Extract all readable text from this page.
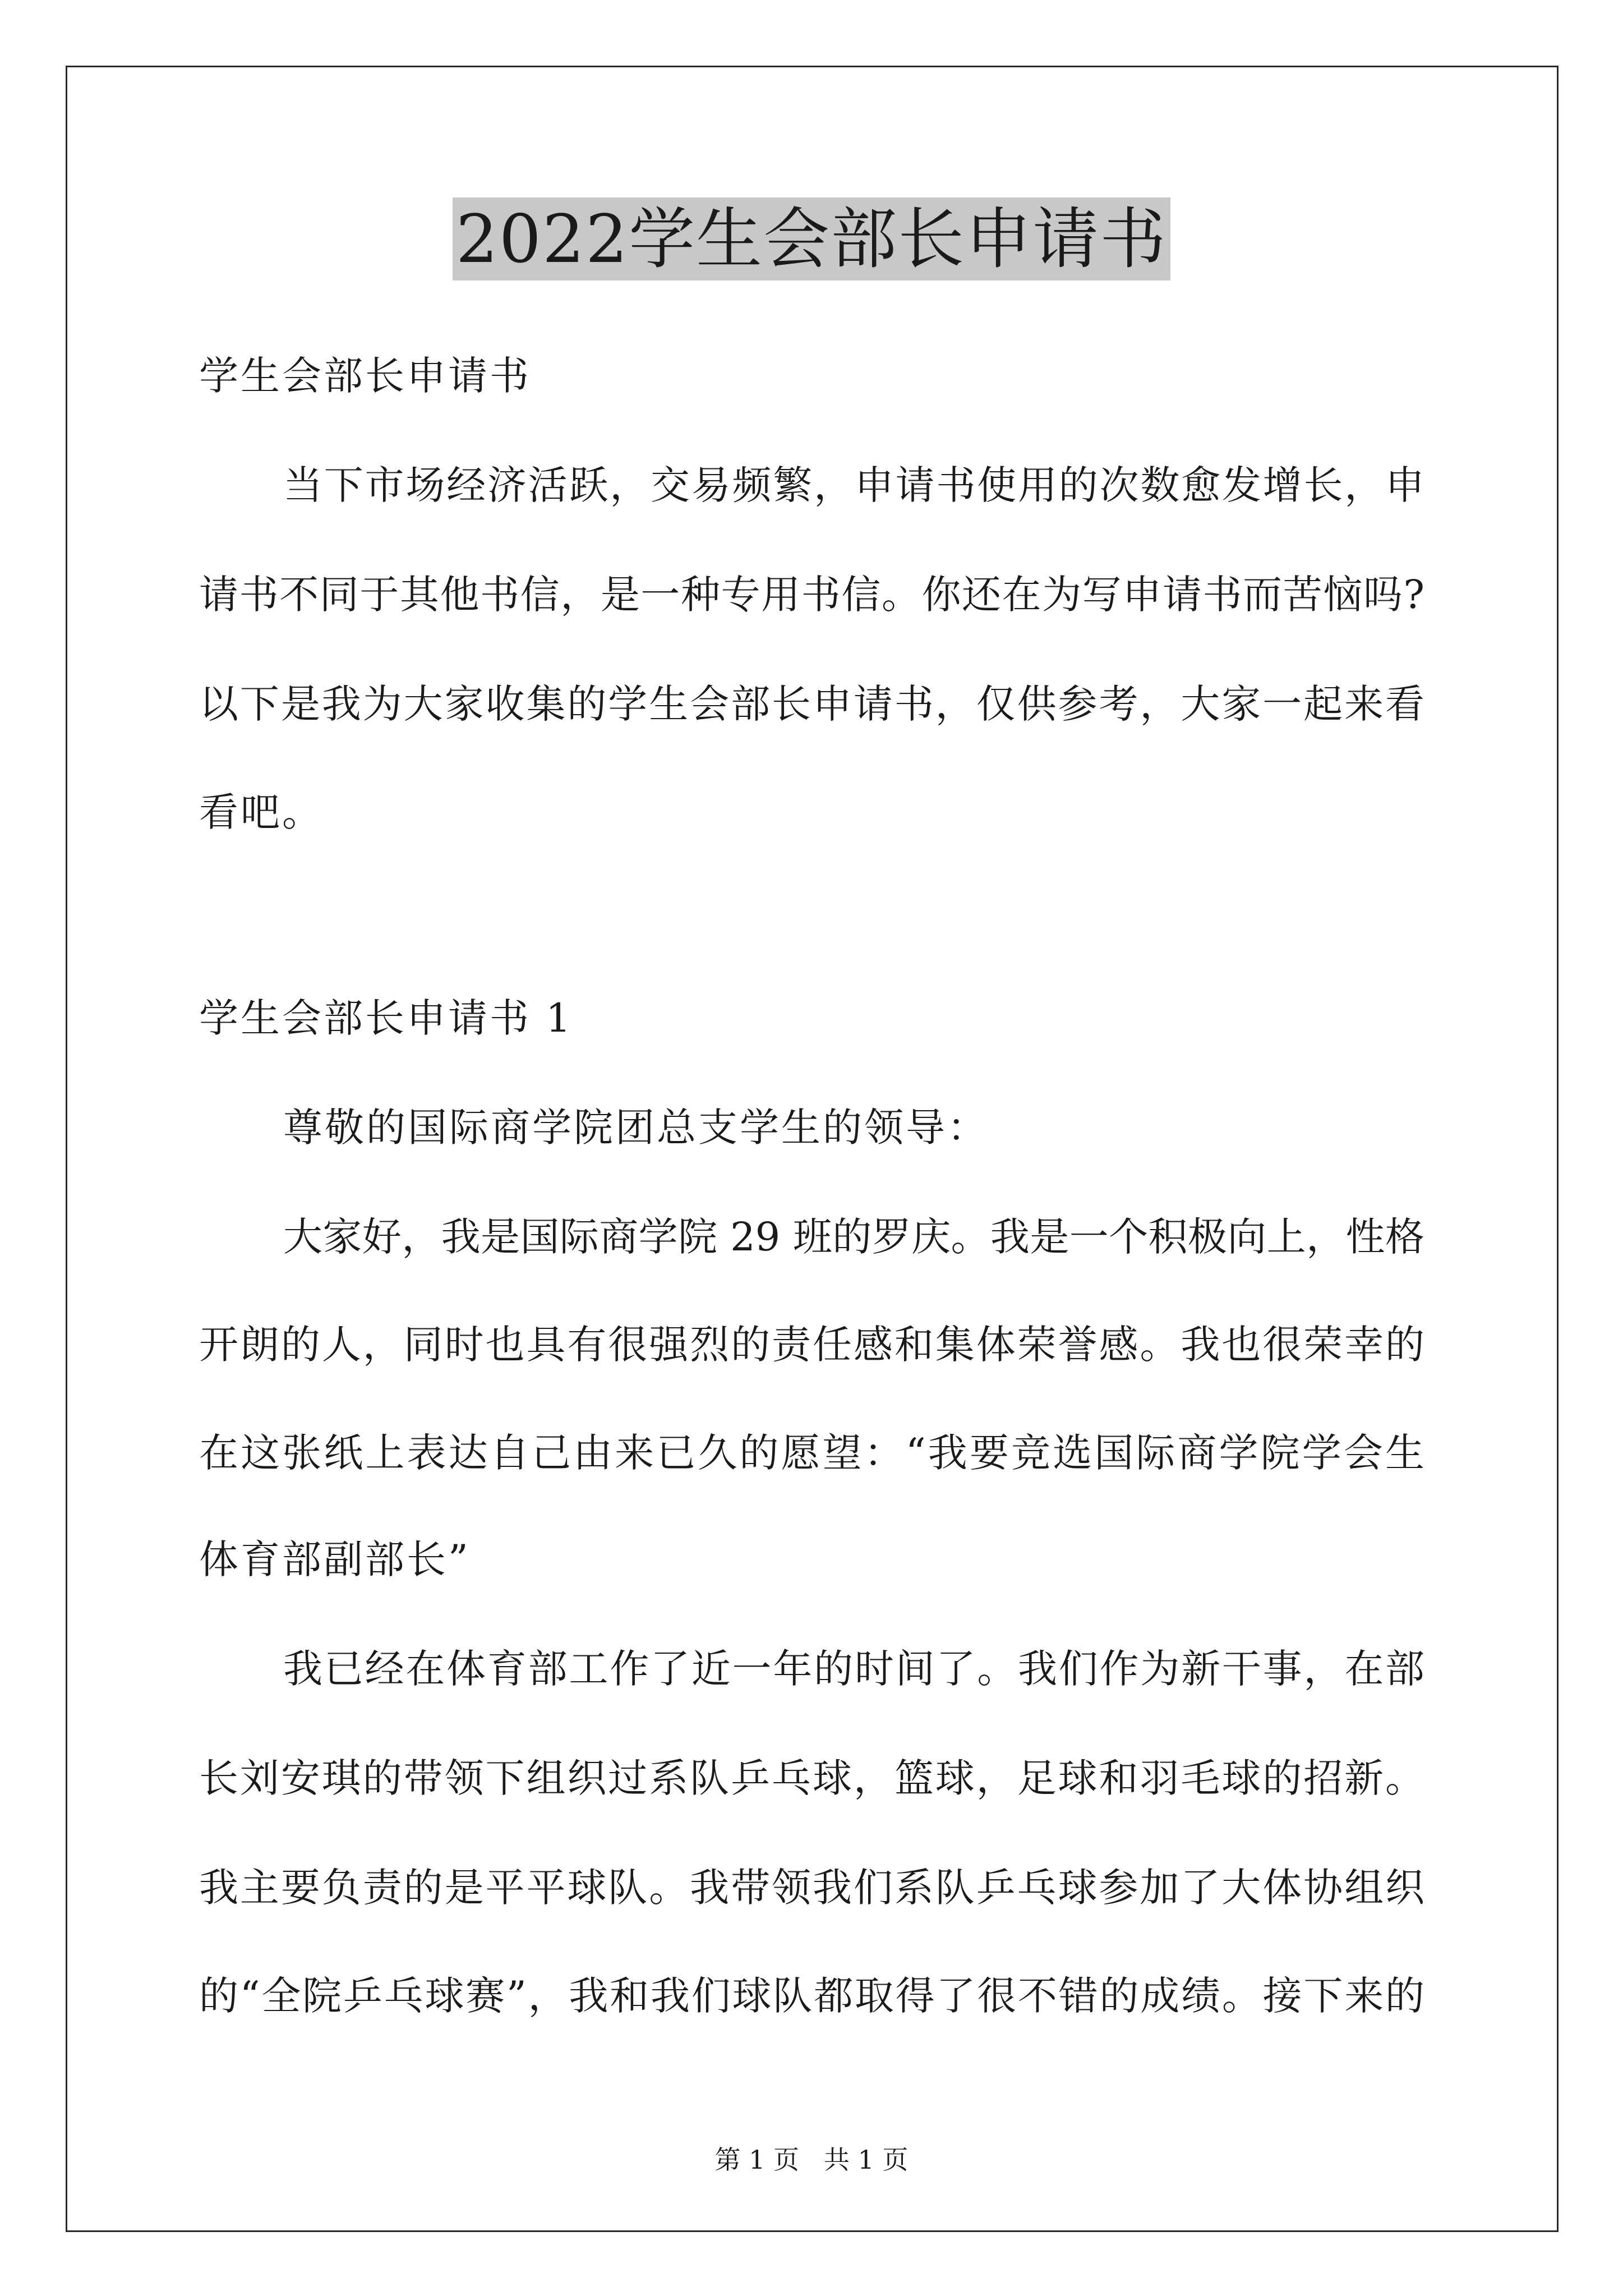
2022学生会部长申请书
学生会部长申请书
当下市场经济活跃，交易频繁，申请书使用的次数愈发增长，申
请书不同于其他书信，是一种专用书信。你还在为写申请书而苦恼吗?
以下是我为大家收集的学生会部长申请书，仅供参考，大家一起来看
看吧。
学生会部长申请书 1
尊敬的国际商学院团总支学生的领导：
大家好，我是国际商学院 29 班的罗庆。我是一个积极向上，性格
开朗的人，同时也具有很强烈的责任感和集体荣誉感。我也很荣幸的
在这张纸上表达自己由来已久的愿望：“我要竞选国际商学院学会生
体育部副部长”
我已经在体育部工作了近一年的时间了。我们作为新干事，在部
长刘安琪的带领下组织过系队乒乓球，篮球，足球和羽毛球的招新。
我主要负责的是平平球队。我带领我们系队乒乓球参加了大体协组织
的“全院乒乓球赛”，我和我们球队都取得了很不错的成绩。接下来的
第 1 页   共 1 页
